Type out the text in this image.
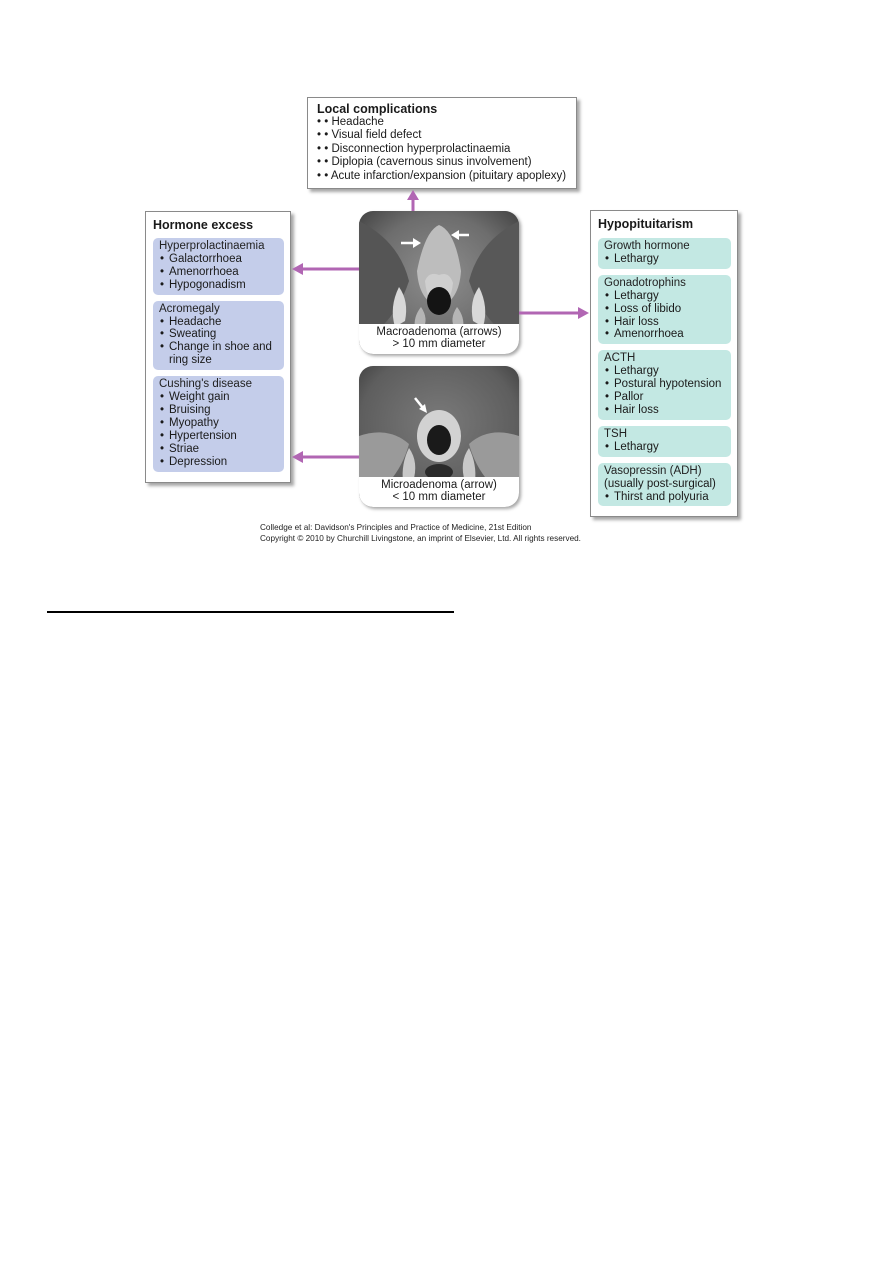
Local complications
• • Headache
• • Visual field defect
• • Disconnection hyperprolactinaemia
• • Diplopia (cavernous sinus involvement)
• • Acute infarction/expansion (pituitary apoplexy)
Hormone excess
Hyperprolactinaemia
• Galactorrhoea
• Amenorrhoea
• Hypogonadism
Acromegaly
• Headache
• Sweating
• Change in shoe and ring size
Cushing's disease
• Weight gain
• Bruising
• Myopathy
• Hypertension
• Striae
• Depression
Hypopituitarism
Growth hormone
• Lethargy
Gonadotrophins
• Lethargy
• Loss of libido
• Hair loss
• Amenorrhoea
ACTH
• Lethargy
• Postural hypotension
• Pallor
• Hair loss
TSH
• Lethargy
Vasopressin (ADH)
(usually post-surgical)
• Thirst and polyuria
Macroadenoma (arrows)
> 10 mm diameter
Microadenoma (arrow)
< 10 mm diameter
Colledge et al: Davidson's Principles and Practice of Medicine, 21st Edition
Copyright © 2010 by Churchill Livingstone, an imprint of Elsevier, Ltd. All rights reserved.
